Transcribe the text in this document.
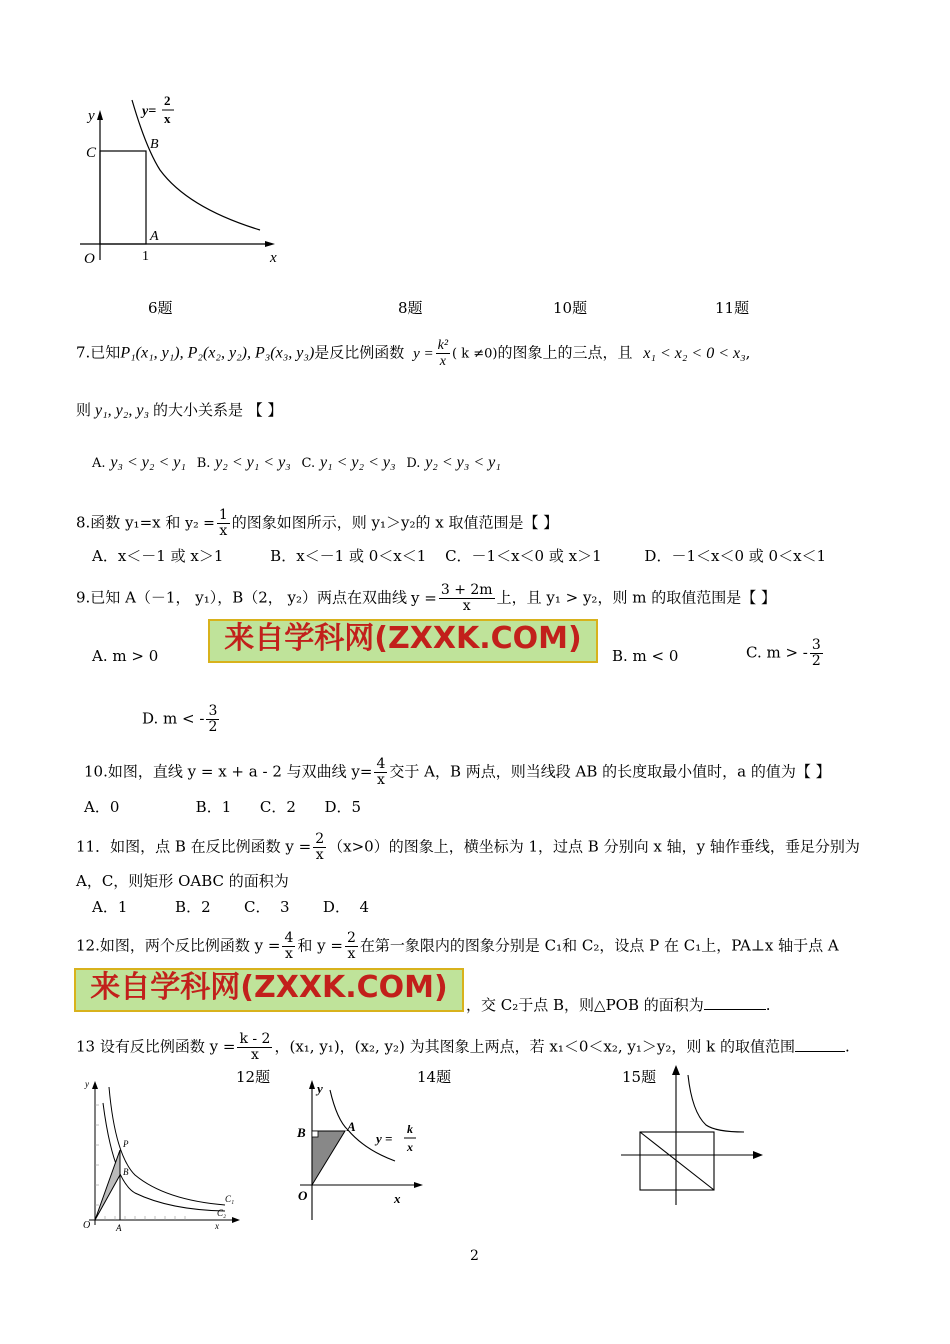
y	y=
2
x
C
B
A
O	1	x
6题	8题	10题	11题
7.已知P₁(x₁, y₁), P₂(x₂, y₂), P₃(x₃, y₃)是反比例函数 $y = \frac{\text{k²}}{x}$ ( k ≠0)的图象上的三点，且 x₁ < x₂ < 0 < x₃,
则 y₁, y₂, y₃ 的大小关系是 【 】
A. y₃ < y₂ < y₁ B. y₂ < y₁ < y₃ C. y₁ < y₂ < y₃ D. y₂ < y₃ < y₁
8.函数 y₁=x 和 $y_2 = \frac{1}{x}$ 的图象如图所示，则 y₁＞y₂的 x 取值范围是【 】
A．x＜－1 或 x＞1	B．x＜－1 或 0＜x＜1 C．－1＜x＜0 或 x＞1	D．－1＜x＜0 或 0＜x＜1
9.已知 A（－1， y₁），B（2， y₂）两点在双曲线 $y = \frac{3 + 2m}{x}$ 上，且 y₁ > y₂，则 m 的取值范围是【 】
A. m > 0	来自学科网(ZXXK.COM)	B. m < 0	C. m > - $\frac{3}{2}$
D. m < - $\frac{3}{2}$
10.如图，直线 y = x + a - 2 与双曲线 $y= \frac{4}{x}$ 交于 A，B 两点，则当线段 AB 的长度取最小值时，a 的值为【 】
A．0                B．1      C．2      D．5
11．如图，点 B 在反比例函数 $y = \frac{2}{x} (x>0)$的图象上，横坐标为 1，过点 B 分别向 x 轴，y 轴作垂线，垂足分别为
A，C，则矩形 OABC 的面积为
A．1          B．2       C．  3       D．  4
12.如图，两个反比例函数 $y = \frac{4}{x}$ 和 $y = \frac{2}{x}$ 在第一象限内的图象分别是 C₁和 C₂，设点 P 在 C₁上，PA⊥x 轴于点 A
来自学科网(ZXXK.COM)	，交 C₂于点 B，则△POB 的面积为	.
13 设有反比例函数 $y = \frac{k - 2}{x}$ ，(x₁, y₁)，(x₂, y₂) 为其图象上两点，若 x₁＜0＜x₂, y₁＞y₂，则 k 的取值范围	.
12题	14题	15题
y
P
B
O	A
C₁
C₂
x
y
B	A
O	x
y =
k
x
2
